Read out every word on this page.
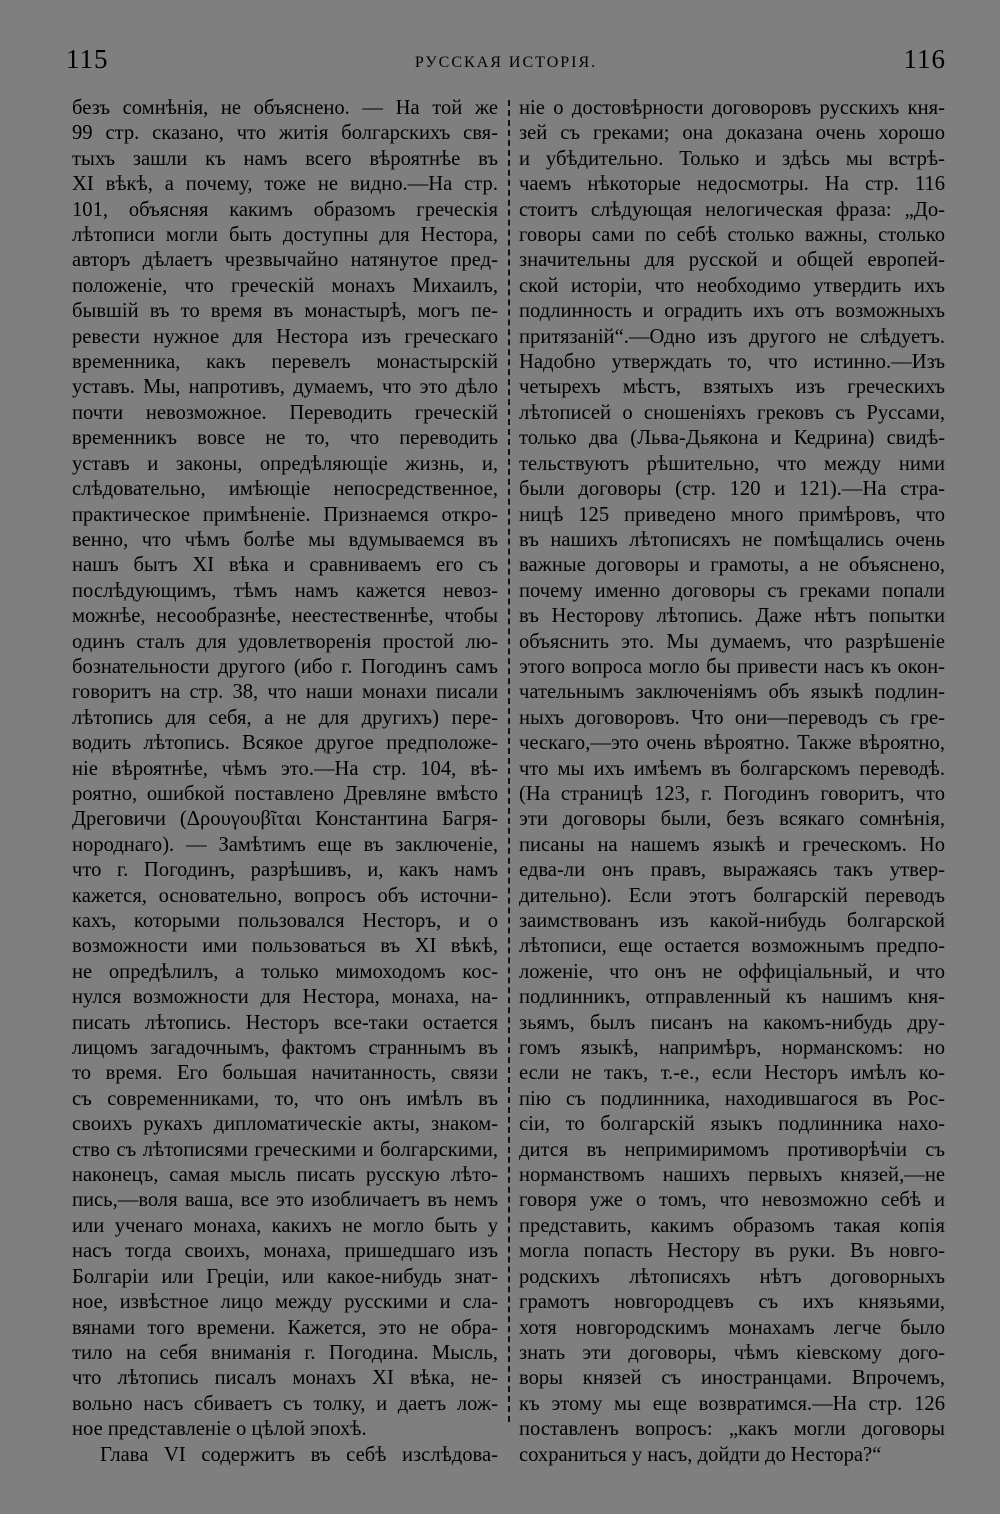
115	РУССКАЯ ИСТОРІЯ.	116
безъ сомнѣнія, не объяснено. — На той же
99 стр. сказано, что житія болгарскихъ свя-
тыхъ зашли къ намъ всего вѣроятнѣе въ
XI вѣкѣ, а почему, тоже не видно.—На стр.
101, объясняя какимъ образомъ греческія
лѣтописи могли быть доступны для Нестора,
авторъ дѣлаетъ чрезвычайно натянутое пред-
положеніе, что греческій монахъ Михаилъ,
бывшій въ то время въ монастырѣ, могъ пе-
ревести нужное для Нестора изъ греческаго
временника, какъ перевелъ монастырскій
уставъ. Мы, напротивъ, думаемъ, что это дѣло
почти невозможное. Переводить греческій
временникъ вовсе не то, что переводить
уставъ и законы, опредѣляющіе жизнь, и,
слѣдовательно, имѣющіе непосредственное,
практическое примѣненіе. Признаемся откро-
венно, что чѣмъ болѣе мы вдумываемся въ
нашъ бытъ XI вѣка и сравниваемъ его съ
послѣдующимъ, тѣмъ намъ кажется невоз-
можнѣе, несообразнѣе, неестественнѣе, чтобы
одинъ сталъ для удовлетворенія простой лю-
бознательности другого (ибо г. Погодинъ самъ
говоритъ на стр. 38, что наши монахи писали
лѣтопись для себя, а не для другихъ) пере-
водить лѣтопись. Всякое другое предположе-
ніе вѣроятнѣе, чѣмъ это.—На стр. 104, вѣ-
роятно, ошибкой поставлено Древляне вмѣсто
Дреговичи (Δρουγουβῖται Константина Багря-
нороднаго). — Замѣтимъ еще въ заключеніе,
что г. Погодинъ, разрѣшивъ, и, какъ намъ
кажется, основательно, вопросъ объ источни-
кахъ, которыми пользовался Несторъ, и о
возможности ими пользоваться въ XI вѣкѣ,
не опредѣлилъ, а только мимоходомъ кос-
нулся возможности для Нестора, монаха, на-
писать лѣтопись. Несторъ все-таки остается
лицомъ загадочнымъ, фактомъ страннымъ въ
то время. Его большая начитанность, связи
съ современниками, то, что онъ имѣлъ въ
своихъ рукахъ дипломатическіе акты, знаком-
ство съ лѣтописями греческими и болгарскими,
наконецъ, самая мысль писать русскую лѣто-
пись,—воля ваша, все это изобличаетъ въ немъ
или ученаго монаха, какихъ не могло быть у
насъ тогда своихъ, монаха, пришедшаго изъ
Болгаріи или Греціи, или какое-нибудь знат-
ное, извѣстное лицо между русскими и сла-
вянами того времени. Кажется, это не обра-
тило на себя вниманія г. Погодина. Мысль,
что лѣтопись писалъ монахъ XI вѣка, не-
вольно насъ сбиваетъ съ толку, и даетъ лож-
ное представленіе о цѣлой эпохѣ.
Глава VI содержитъ въ себѣ изслѣдова-
ніе о достовѣрности договоровъ русскихъ кня-
зей съ греками; она доказана очень хорошо
и убѣдительно. Только и здѣсь мы встрѣ-
чаемъ нѣкоторые недосмотры. На стр. 116
стоитъ слѣдующая нелогическая фраза: „До-
говоры сами по себѣ столько важны, столько
значительны для русской и общей европей-
ской исторіи, что необходимо утвердить ихъ
подлинность и оградить ихъ отъ возможныхъ
притязаній“.—Одно изъ другого не слѣдуетъ.
Надобно утверждать то, что истинно.—Изъ
четырехъ мѣстъ, взятыхъ изъ греческихъ
лѣтописей о сношеніяхъ грековъ съ Руссами,
только два (Льва-Дьякона и Кедрина) свидѣ-
тельствуютъ рѣшительно, что между ними
были договоры (стр. 120 и 121).—На стра-
ницѣ 125 приведено много примѣровъ, что
въ нашихъ лѣтописяхъ не помѣщались очень
важные договоры и грамоты, а не объяснено,
почему именно договоры съ греками попали
въ Несторову лѣтопись. Даже нѣтъ попытки
объяснить это. Мы думаемъ, что разрѣшеніе
этого вопроса могло бы привести насъ къ окон-
чательнымъ заключеніямъ объ языкѣ подлин-
ныхъ договоровъ. Что они—переводъ съ гре-
ческаго,—это очень вѣроятно. Также вѣроятно,
что мы ихъ имѣемъ въ болгарскомъ переводѣ.
(На страницѣ 123, г. Погодинъ говоритъ, что
эти договоры были, безъ всякаго сомнѣнія,
писаны на нашемъ языкѣ и греческомъ. Но
едва-ли онъ правъ, выражаясь такъ утвер-
дительно). Если этотъ болгарскій переводъ
заимствованъ изъ какой-нибудь болгарской
лѣтописи, еще остается возможнымъ предпо-
ложеніе, что онъ не оффиціальный, и что
подлинникъ, отправленный къ нашимъ кня-
зьямъ, былъ писанъ на какомъ-нибудь дру-
гомъ языкѣ, напримѣръ, норманскомъ: но
если не такъ, т.-е., если Несторъ имѣлъ ко-
пію съ подлинника, находившагося въ Рос-
сіи, то болгарскій языкъ подлинника нахо-
дится въ непримиримомъ противорѣчіи съ
норманствомъ нашихъ первыхъ князей,—не
говоря уже о томъ, что невозможно себѣ и
представить, какимъ образомъ такая копія
могла попасть Нестору въ руки. Въ новго-
родскихъ лѣтописяхъ нѣтъ договорныхъ
грамотъ новгородцевъ съ ихъ князьями,
хотя новгородскимъ монахамъ легче было
знать эти договоры, чѣмъ кіевскому дого-
воры князей съ иностранцами. Впрочемъ,
къ этому мы еще возвратимся.—На стр. 126
поставленъ вопросъ: „какъ могли договоры
сохраниться у насъ, дойдти до Нестора?“
